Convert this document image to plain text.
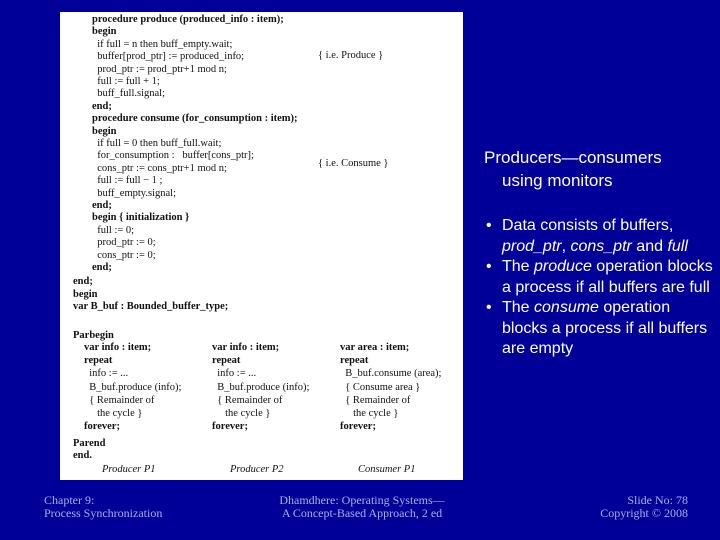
procedure produce (produced_info : item);
begin
if full = n then buff_empty.wait;
buffer[prod_ptr] := produced_info;
prod_ptr := prod_ptr+1 mod n;
full := full + 1;
buff_full.signal;
end;
procedure consume (for_consumption : item);
begin
if full = 0 then buff_full.wait;
for_consumption :   buffer[cons_ptr];
cons_ptr := cons_ptr+1 mod n;
full := full − 1 ;
buff_empty.signal;
end;
begin { initialization }
full := 0;
prod_ptr := 0;
cons_ptr := 0;
end;
end;
begin
var B_buf : Bounded_buffer_type;
{ i.e. Produce }
{ i.e. Consume }
Parbegin
var info : item;
repeat
info := ...
B_buf.produce (info);
{ Remainder of
the cycle }
forever;
var info : item;
repeat
info := ...
B_buf.produce (info);
{ Remainder of
the cycle }
forever;
var area : item;
repeat
B_buf.consume (area);
{ Consume area }
{ Remainder of
the cycle }
forever;
Parend
end.
Producer P1	Producer P2	Consumer P1
Producers—consumers
using monitors
• Data consists of buffers, prod_ptr, cons_ptr and full
• The produce operation blocks a process if all buffers are full
• The consume operation blocks a process if all buffers are empty
Chapter 9:
Process Synchronization
Dhamdhere: Operating Systems—
A Concept-Based Approach, 2 ed
Slide No: 78
Copyright © 2008
